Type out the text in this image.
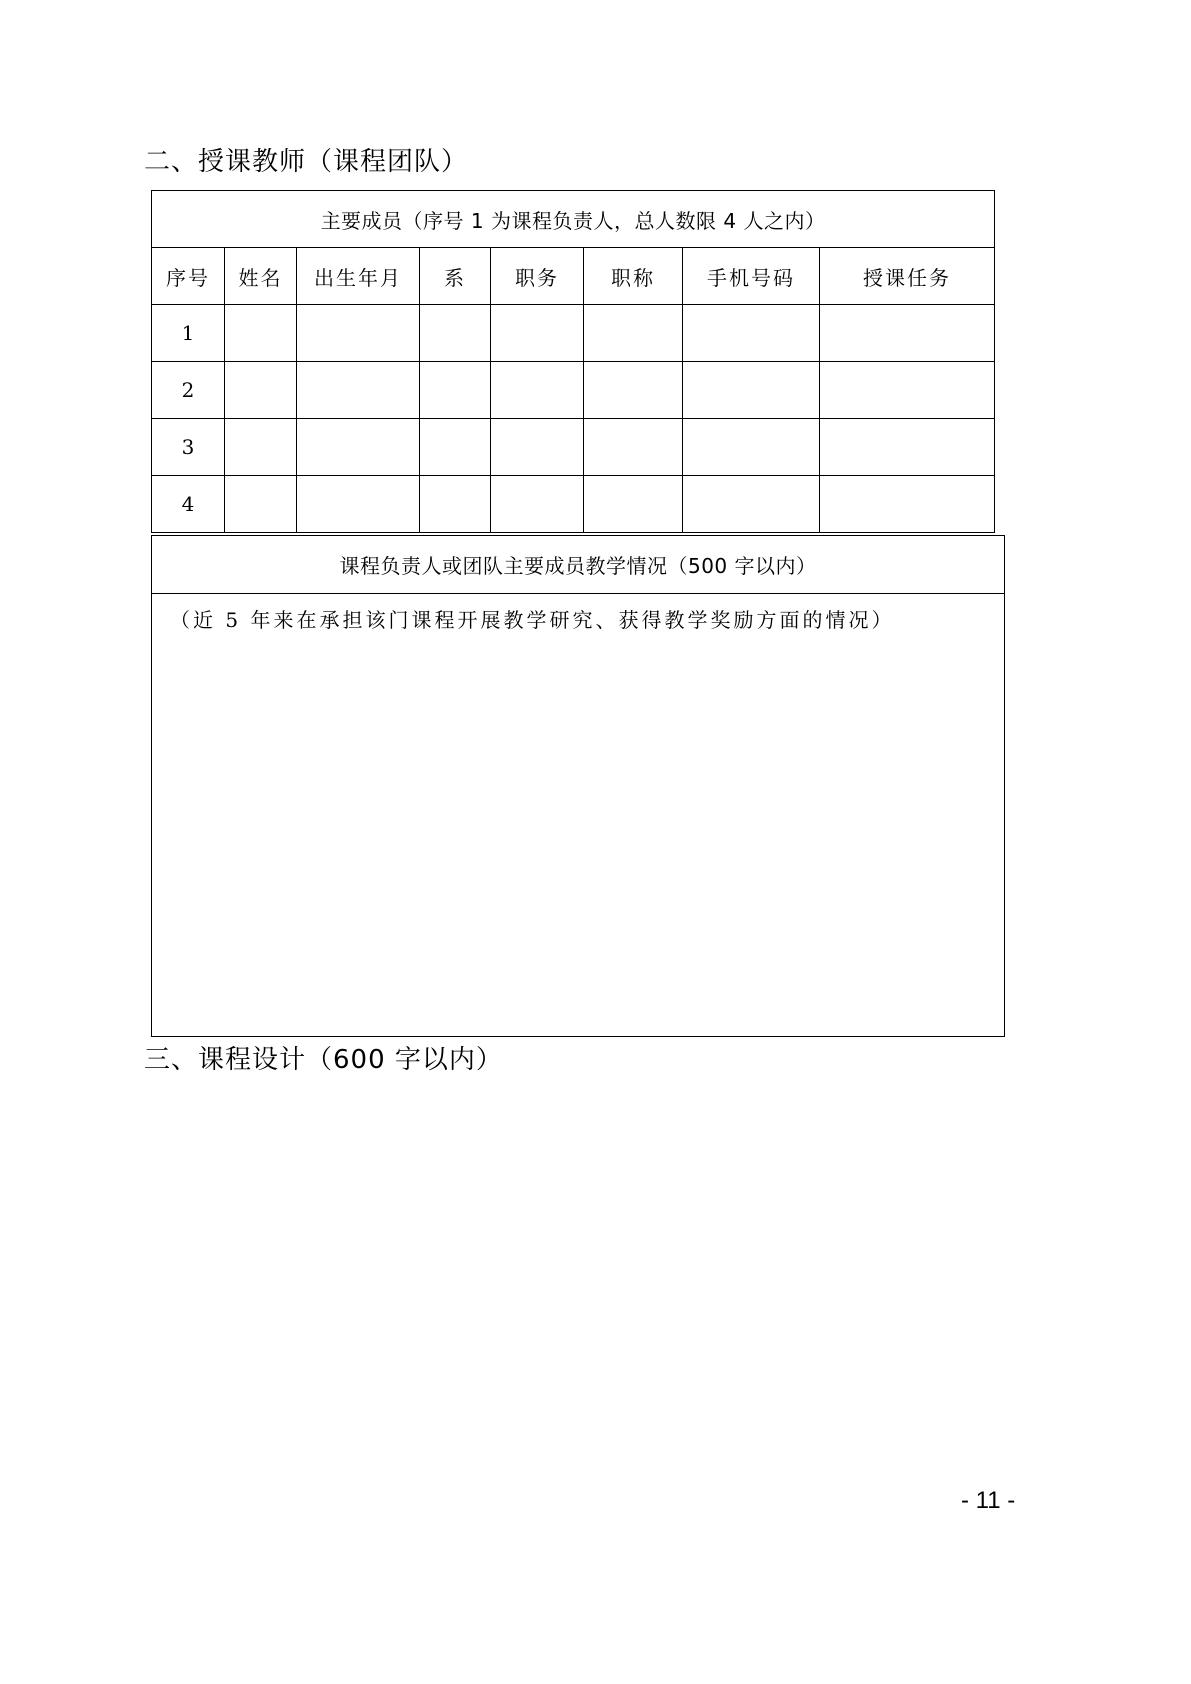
二、授课教师（课程团队）
主要成员（序号 1 为课程负责人，总人数限 4 人之内）							
序号	姓名	出生年月	系	职务	职称	手机号码	授课任务
1							
2							
3							
4							
课程负责人或团队主要成员教学情况（500 字以内）
（近 5 年来在承担该门课程开展教学研究、获得教学奖励方面的情况）
三、课程设计（600 字以内）
- 11 -
